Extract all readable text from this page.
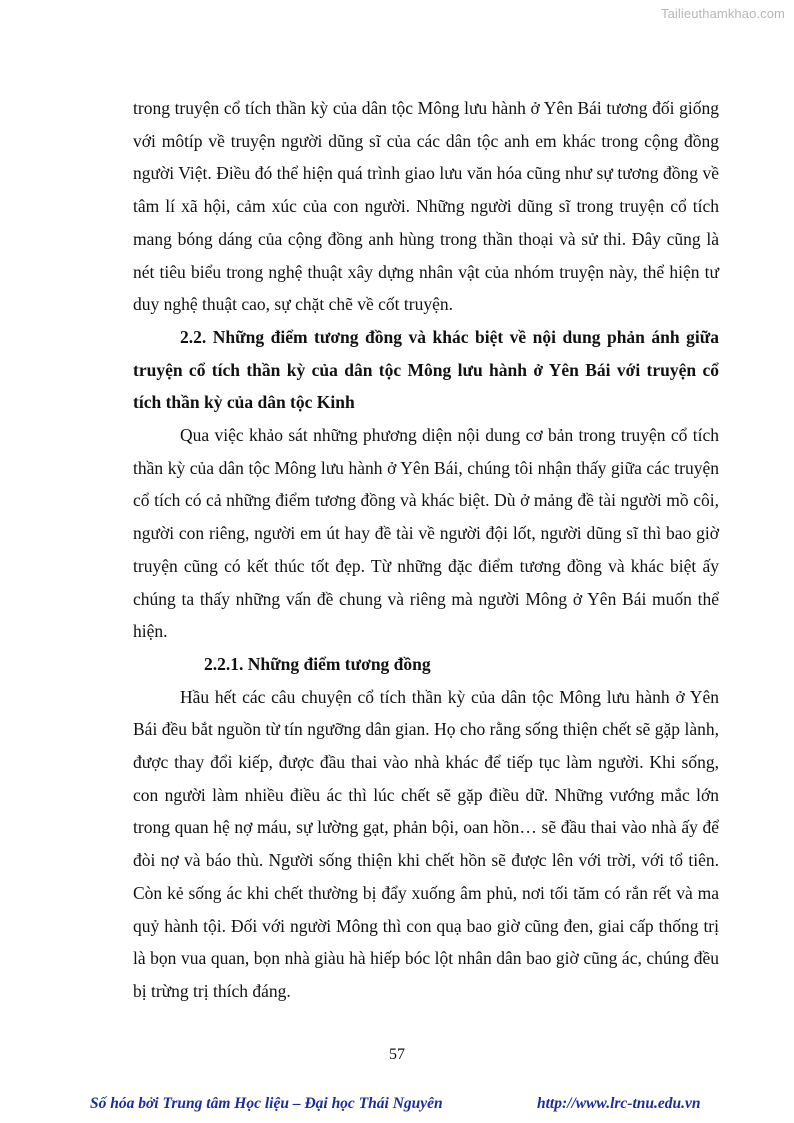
Tailieuthamkhao.com

trong truyện cổ tích thần kỳ của dân tộc Mông lưu hành ở Yên Bái tương đối giống với môtíp về truyện người dũng sĩ của các dân tộc anh em khác trong cộng đồng người Việt. Điều đó thể hiện quá trình giao lưu văn hóa cũng như sự tương đồng về tâm lí xã hội, cảm xúc của con người. Những người dũng sĩ trong truyện cổ tích mang bóng dáng của cộng đồng anh hùng trong thần thoại và sử thi. Đây cũng là nét tiêu biểu trong nghệ thuật xây dựng nhân vật của nhóm truyện này, thể hiện tư duy nghệ thuật cao, sự chặt chẽ về cốt truyện.

2.2. Những điểm tương đồng và khác biệt về nội dung phản ánh giữa truyện cổ tích thần kỳ của dân tộc Mông lưu hành ở Yên Bái với truyện cổ tích thần kỳ của dân tộc Kinh

Qua việc khảo sát những phương diện nội dung cơ bản trong truyện cổ tích thần kỳ của dân tộc Mông lưu hành ở Yên Bái, chúng tôi nhận thấy giữa các truyện cổ tích có cả những điểm tương đồng và khác biệt. Dù ở mảng đề tài người mồ côi, người con riêng, người em út hay đề tài về người đội lốt, người dũng sĩ thì bao giờ truyện cũng có kết thúc tốt đẹp. Từ những đặc điểm tương đồng và khác biệt ấy chúng ta thấy những vấn đề chung và riêng mà người Mông ở Yên Bái muốn thể hiện.

2.2.1. Những điểm tương đồng

Hầu hết các câu chuyện cổ tích thần kỳ của dân tộc Mông lưu hành ở Yên Bái đều bắt nguồn từ tín ngưỡng dân gian. Họ cho rằng sống thiện chết sẽ gặp lành, được thay đổi kiếp, được đầu thai vào nhà khác để tiếp tục làm người. Khi sống, con người làm nhiều điều ác thì lúc chết sẽ gặp điều dữ. Những vướng mắc lớn trong quan hệ nợ máu, sự lường gạt, phản bội, oan hồn… sẽ đầu thai vào nhà ấy để đòi nợ và báo thù. Người sống thiện khi chết hồn sẽ được lên với trời, với tổ tiên. Còn kẻ sống ác khi chết thường bị đẩy xuống âm phủ, nơi tối tăm có rắn rết và ma quỷ hành tội. Đối với người Mông thì con quạ bao giờ cũng đen, giai cấp thống trị là bọn vua quan, bọn nhà giàu hà hiếp bóc lột nhân dân bao giờ cũng ác, chúng đều bị trừng trị thích đáng.

57
Số hóa bởi Trung tâm Học liệu – Đại học Thái Nguyên	http://www.lrc-tnu.edu.vn
